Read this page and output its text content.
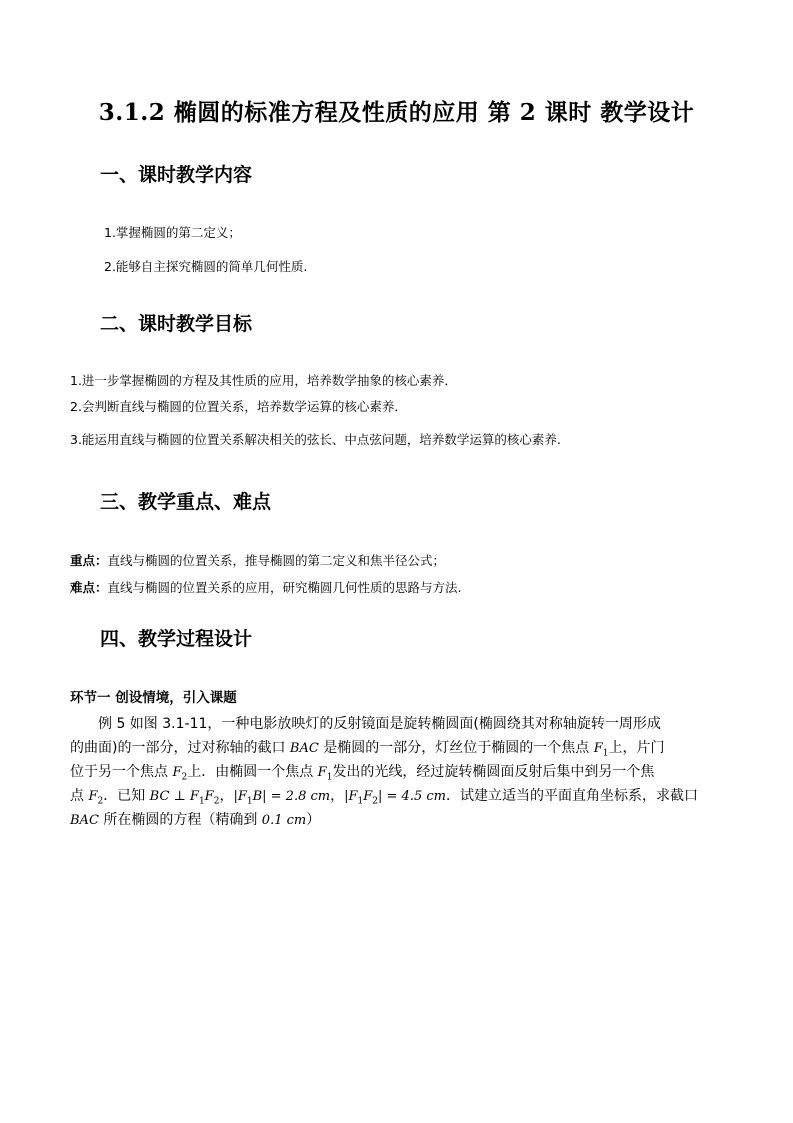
3.1.2 椭圆的标准方程及性质的应用 第 2 课时 教学设计
一、课时教学内容
1.掌握椭圆的第二定义；
2.能够自主探究椭圆的简单几何性质.
二、课时教学目标
1.进一步掌握椭圆的方程及其性质的应用，培养数学抽象的核心素养．
2.会判断直线与椭圆的位置关系，培养数学运算的核心素养．
3.能运用直线与椭圆的位置关系解决相关的弦长、中点弦问题，培养数学运算的核心素养.
三、教学重点、难点
重点：直线与椭圆的位置关系，推导椭圆的第二定义和焦半径公式；
难点：直线与椭圆的位置关系的应用，研究椭圆几何性质的思路与方法.
四、教学过程设计
环节一 创设情境，引入课题
例 5 如图 3.1-11，一种电影放映灯的反射镜面是旋转椭圆面(椭圆绕其对称轴旋转一周形成
的曲面)的一部分，过对称轴的截口 BAC 是椭圆的一部分，灯丝位于椭圆的一个焦点 $F_1$上，片门
位于另一个焦点 $F_2$上．由椭圆一个焦点 $F_1$发出的光线，经过旋转椭圆面反射后集中到另一个焦
点 $F_2$．已知 BC ⊥ $F_1F_2$，$|F_1B| = 2.8$ cm，$|F_1F_2| = 4.5$ cm．试建立适当的平面直角坐标系，求截口
BAC 所在椭圆的方程（精确到 0.1 cm）
